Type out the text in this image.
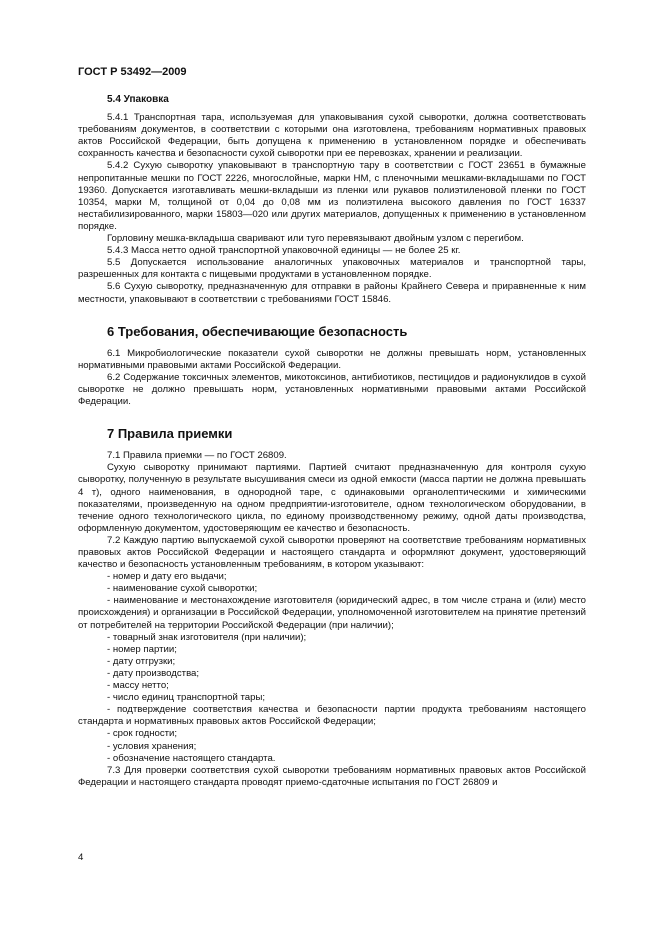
ГОСТ Р 53492—2009
5.4 Упаковка

5.4.1 Транспортная тара, используемая для упаковывания сухой сыворотки, должна соответствовать требованиям документов, в соответствии с которыми она изготовлена, требованиям нормативных правовых актов Российской Федерации, быть допущена к применению в установленном порядке и обеспечивать сохранность качества и безопасности сухой сыворотки при ее перевозках, хранении и реализации.

5.4.2 Сухую сыворотку упаковывают в транспортную тару в соответствии с ГОСТ 23651 в бумажные непропитанные мешки по ГОСТ 2226, многослойные, марки НМ, с пленочными мешками-вкладышами по ГОСТ 19360. Допускается изготавливать мешки-вкладыши из пленки или рукавов полиэтиленовой пленки по ГОСТ 10354, марки М, толщиной от 0,04 до 0,08 мм из полиэтилена высокого давления по ГОСТ 16337 нестабилизированного, марки 15803—020 или других материалов, допущенных к применению в установленном порядке.

Горловину мешка-вкладыша сваривают или туго перевязывают двойным узлом с перегибом.

5.4.3 Масса нетто одной транспортной упаковочной единицы — не более 25 кг.

5.5 Допускается использование аналогичных упаковочных материалов и транспортной тары, разрешенных для контакта с пищевыми продуктами в установленном порядке.

5.6 Сухую сыворотку, предназначенную для отправки в районы Крайнего Севера и приравненные к ним местности, упаковывают в соответствии с требованиями ГОСТ 15846.

6 Требования, обеспечивающие безопасность

6.1 Микробиологические показатели сухой сыворотки не должны превышать норм, установленных нормативными правовыми актами Российской Федерации.

6.2 Содержание токсичных элементов, микотоксинов, антибиотиков, пестицидов и радионуклидов в сухой сыворотке не должно превышать норм, установленных нормативными правовыми актами Российской Федерации.

7 Правила приемки

7.1 Правила приемки — по ГОСТ 26809.

Сухую сыворотку принимают партиями. Партией считают предназначенную для контроля сухую сыворотку, полученную в результате высушивания смеси из одной емкости (масса партии не должна превышать 4 т), одного наименования, в однородной таре, с одинаковыми органолептическими и химическими показателями, произведенную на одном предприятии-изготовителе, одном технологическом оборудовании, в течение одного технологического цикла, по единому производственному режиму, одной даты производства, оформленную документом, удостоверяющим ее качество и безопасность.

7.2 Каждую партию выпускаемой сухой сыворотки проверяют на соответствие требованиям нормативных правовых актов Российской Федерации и настоящего стандарта и оформляют документ, удостоверяющий качество и безопасность установленным требованиям, в котором указывают:

- номер и дату его выдачи;

- наименование сухой сыворотки;

- наименование и местонахождение изготовителя (юридический адрес, в том числе страна и (или) место происхождения) и организации в Российской Федерации, уполномоченной изготовителем на принятие претензий от потребителей на территории Российской Федерации (при наличии);

- товарный знак изготовителя (при наличии);

- номер партии;

- дату отгрузки;

- дату производства;

- массу нетто;

- число единиц транспортной тары;

- подтверждение соответствия качества и безопасности партии продукта требованиям настоящего стандарта и нормативных правовых актов Российской Федерации;

- срок годности;

- условия хранения;

- обозначение настоящего стандарта.

7.3 Для проверки соответствия сухой сыворотки требованиям нормативных правовых актов Российской Федерации и настоящего стандарта проводят приемо-сдаточные испытания по ГОСТ 26809 и

4
